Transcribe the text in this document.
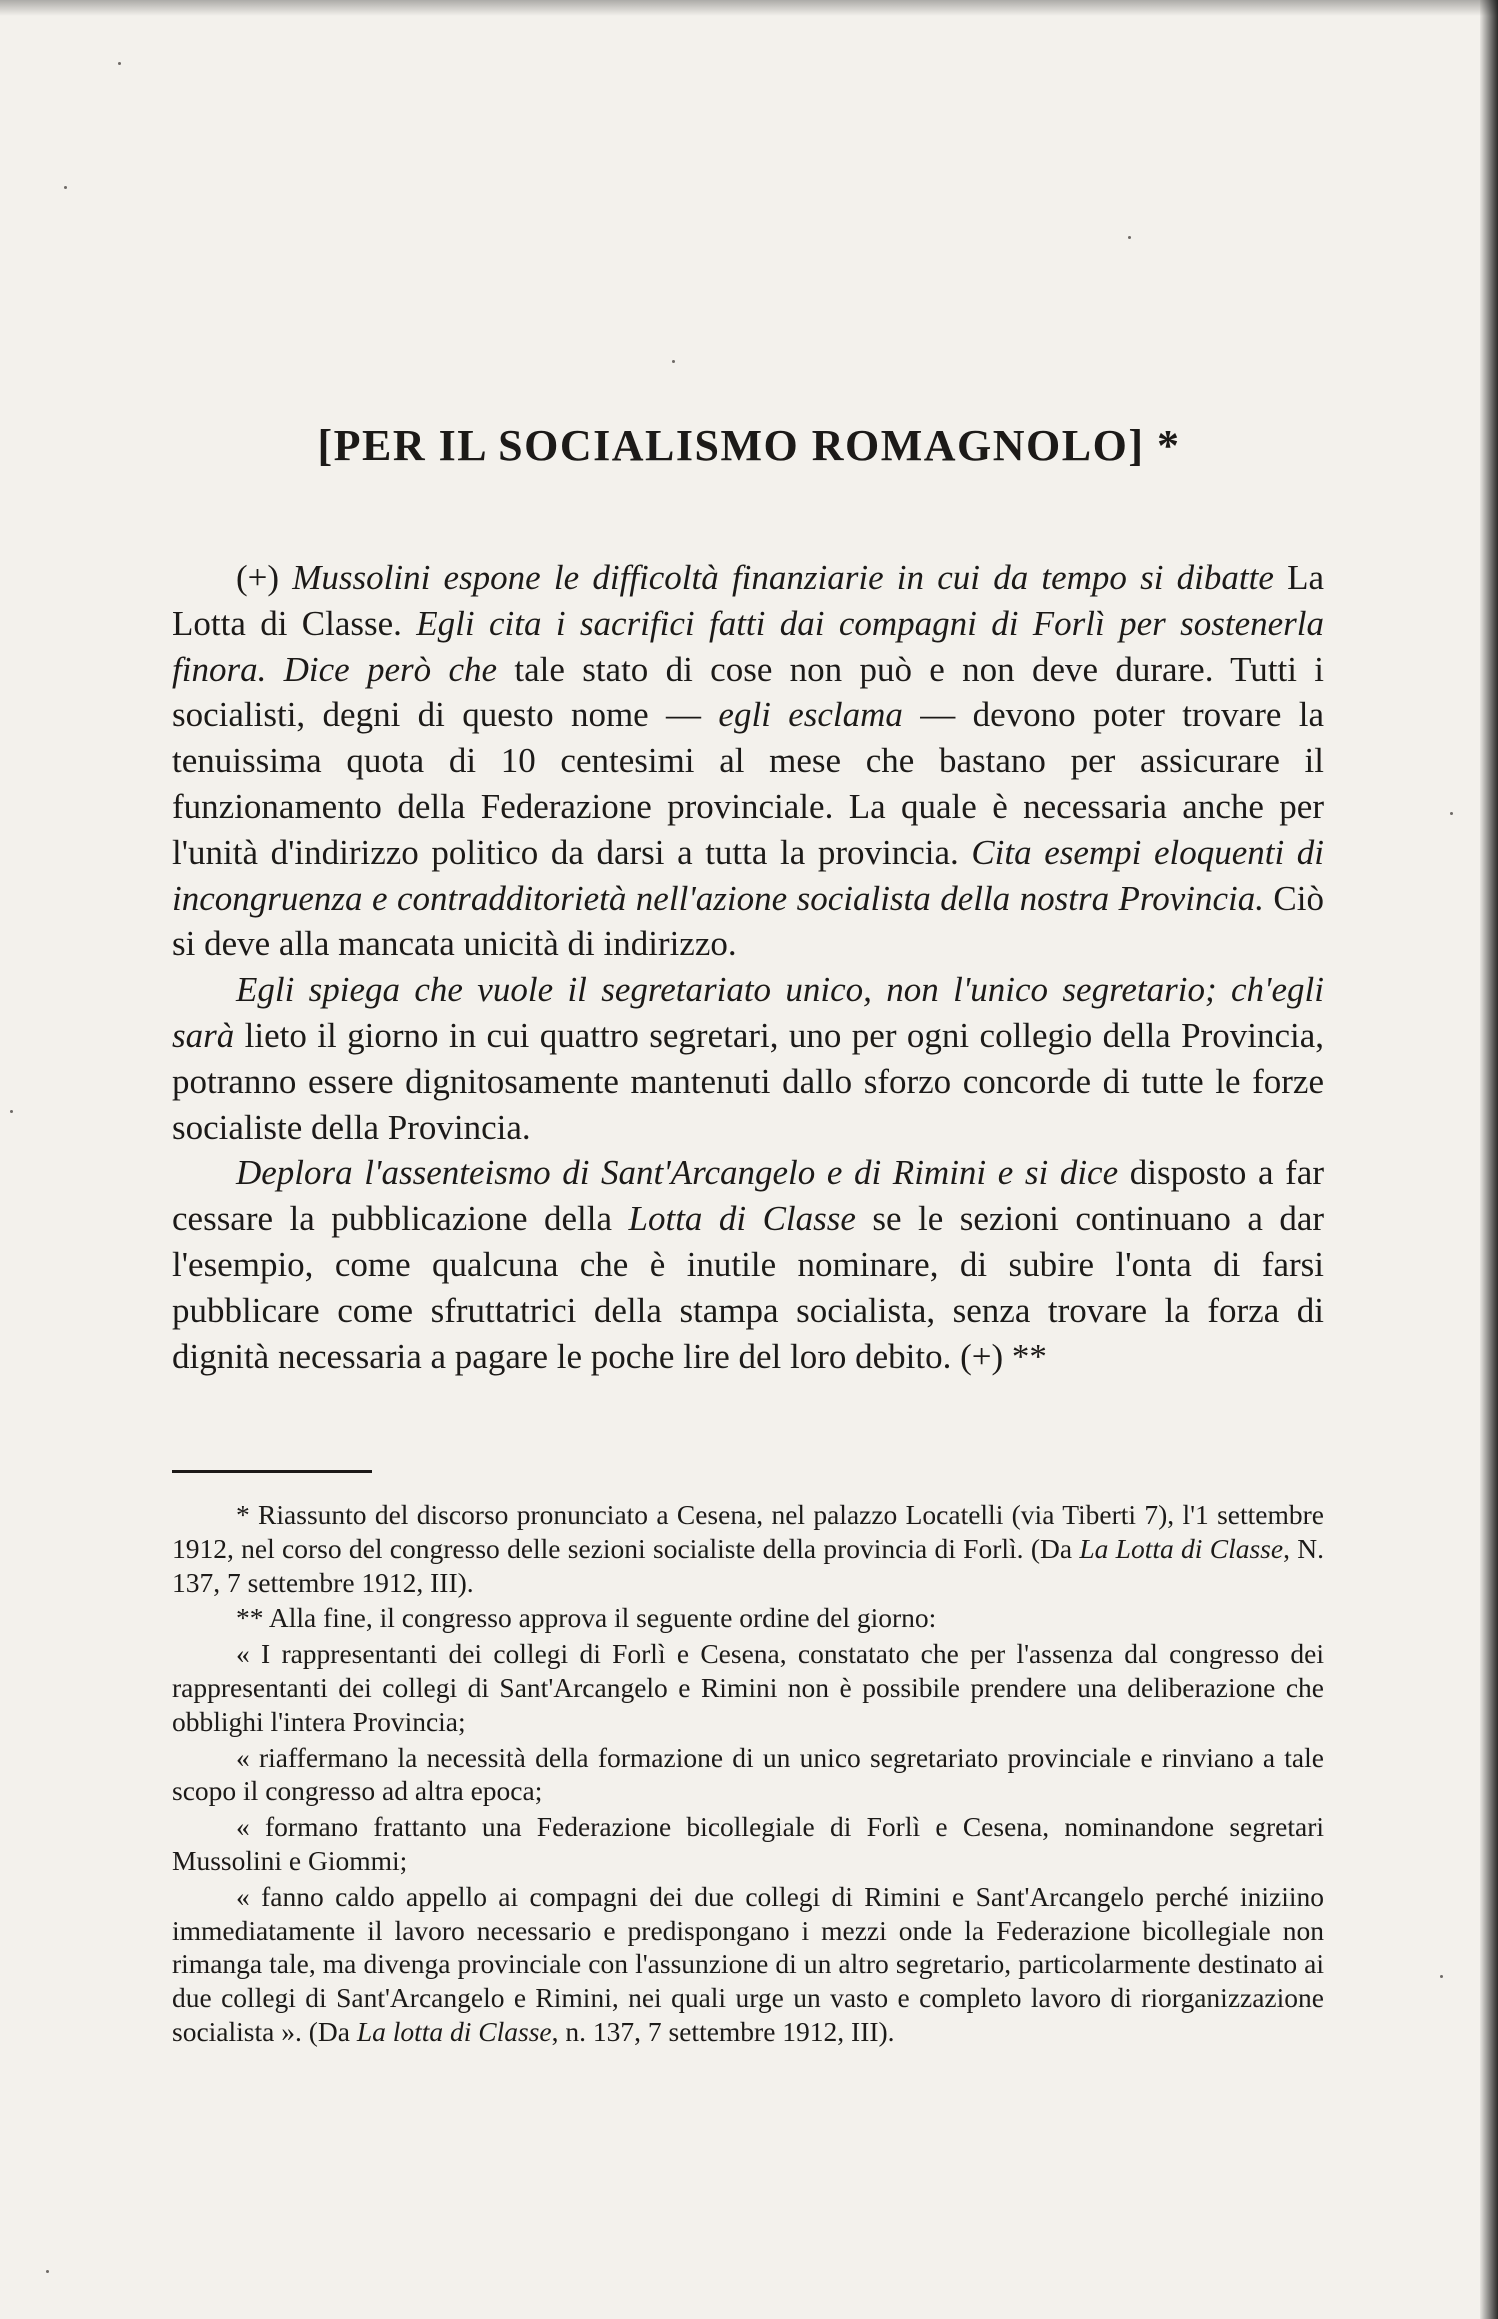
[PER IL SOCIALISMO ROMAGNOLO] *

(+) Mussolini espone le difficoltà finanziarie in cui da tempo si dibatte La Lotta di Classe. Egli cita i sacrifici fatti dai compagni di Forlì per sostenerla finora. Dice però che tale stato di cose non può e non deve durare. Tutti i socialisti, degni di questo nome — egli esclama — devono poter trovare la tenuissima quota di 10 centesimi al mese che bastano per assicurare il funzionamento della Federazione provinciale. La quale è necessaria anche per l'unità d'indirizzo politico da darsi a tutta la provincia. Cita esempi eloquenti di incongruenza e contradditorietà nell'azione socialista della nostra Provincia. Ciò si deve alla mancata unicità di indirizzo.

Egli spiega che vuole il segretariato unico, non l'unico segretario; ch'egli sarà lieto il giorno in cui quattro segretari, uno per ogni collegio della Provincia, potranno essere dignitosamente mantenuti dallo sforzo concorde di tutte le forze socialiste della Provincia.

Deplora l'assenteismo di Sant'Arcangelo e di Rimini e si dice disposto a far cessare la pubblicazione della Lotta di Classe se le sezioni continuano a dar l'esempio, come qualcuna che è inutile nominare, di subire l'onta di farsi pubblicare come sfruttatrici della stampa socialista, senza trovare la forza di dignità necessaria a pagare le poche lire del loro debito. (+) **

* Riassunto del discorso pronunciato a Cesena, nel palazzo Locatelli (via Tiberti 7), l'1 settembre 1912, nel corso del congresso delle sezioni socialiste della provincia di Forlì. (Da La Lotta di Classe, N. 137, 7 settembre 1912, III).

** Alla fine, il congresso approva il seguente ordine del giorno:

« I rappresentanti dei collegi di Forlì e Cesena, constatato che per l'assenza dal congresso dei rappresentanti dei collegi di Sant'Arcangelo e Rimini non è possibile prendere una deliberazione che obblighi l'intera Provincia;

« riaffermano la necessità della formazione di un unico segretariato provinciale e rinviano a tale scopo il congresso ad altra epoca;

« formano frattanto una Federazione bicollegiale di Forlì e Cesena, nominandone segretari Mussolini e Giommi;

« fanno caldo appello ai compagni dei due collegi di Rimini e Sant'Arcangelo perché iniziino immediatamente il lavoro necessario e predispongano i mezzi onde la Federazione bicollegiale non rimanga tale, ma divenga provinciale con l'assunzione di un altro segretario, particolarmente destinato ai due collegi di Sant'Arcangelo e Rimini, nei quali urge un vasto e completo lavoro di riorganizzazione socialista ». (Da La lotta di Classe, n. 137, 7 settembre 1912, III).
